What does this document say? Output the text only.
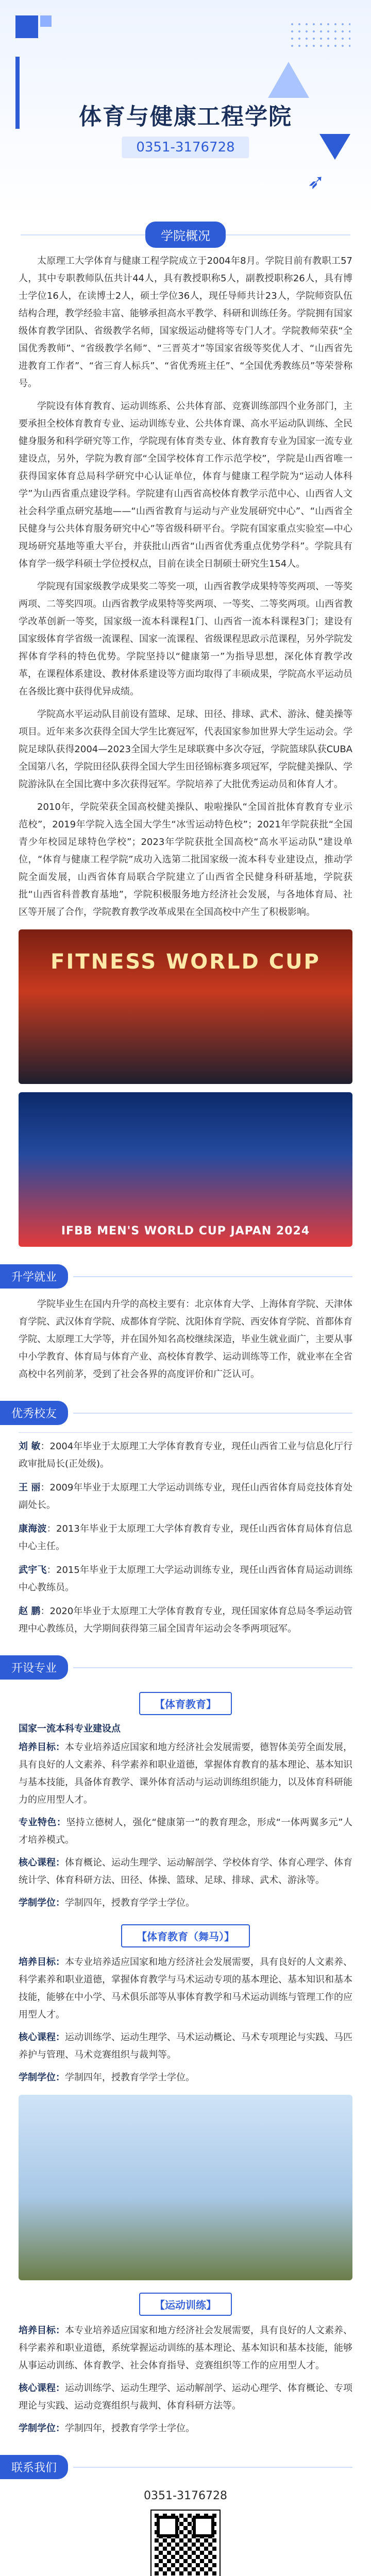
体育与健康工程学院
0351-3176728
➶
学院概况

太原理工大学体育与健康工程学院成立于2004年8月。学院目前有教职工57人，其中专职教师队伍共计44人，具有教授职称5人，副教授职称26人，具有博士学位16人，在读博士2人，硕士学位36人，现任导师共计23人，学院师资队伍结构合理，教学经验丰富、能够承担高水平教学、科研和训练任务。学院拥有国家级体育教学团队、省级教学名师，国家级运动健将等专门人才。学院教师荣获“全国优秀教师”、“省级教学名师”、“三晋英才”等国家省级等奖优人才、“山西省先进教育工作者”、“省三育人标兵”、“省优秀班主任”、“全国优秀教练员”等荣誉称号。

学院设有体育教育、运动训练系、公共体育部、竞赛训练部四个业务部门，主要承担全校体育教育专业、运动训练专业、公共体育课、高水平运动队训练、全民健身服务和科学研究等工作，学院现有体育类专业、体育教育专业为国家一流专业建设点，另外，学院为教育部“全国学校体育工作示范学校”，学院是山西省唯一获得国家体育总局科学研究中心认证单位，体育与健康工程学院为“运动人体科学”为山西省重点建设学科。学院建有山西省高校体育教学示范中心、山西省人文社会科学重点研究基地——“山西省教育与运动与产业发展研究中心”、“山西省全民健身与公共体育服务研究中心”等省级科研平台。学院有国家重点实验室—中心现场研究基地等重大平台，并获批山西省“山西省优秀重点优势学科”。学院具有体育学一级学科硕士学位授权点，目前在读全日制硕士研究生154人。

学院现有国家级教学成果奖二等奖一项，山西省教学成果特等奖两项、一等奖两项、二等奖四项。山西省教学成果特等奖两项、一等奖、二等奖两项。山西省教学改革创新一等奖，国家级一流本科课程1门、山西省一流本科课程3门；建设有国家级体育学省级一流课程、国家一流课程、省级课程思政示范课程，另外学院发挥体育学科的特色优势。学院坚持以“健康第一”为指导思想，深化体育教学改革，在课程体系建设、教材体系建设等方面均取得了丰硕成果，学院高水平运动员在各级比赛中获得优异成绩。

学院高水平运动队目前设有篮球、足球、田径、排球、武术、游泳、健美操等项目。近年来多次获得全国大学生比赛冠军，代表国家参加世界大学生运动会。学院足球队获得2004—2023全国大学生足球联赛中多次夺冠，学院篮球队获CUBA全国第八名，学院田径队获得全国大学生田径锦标赛多项冠军，学院健美操队、学院游泳队在全国比赛中多次获得冠军。学院培养了大批优秀运动员和体育人才。

2010年，学院荣获全国高校健美操队、啦啦操队“全国首批体育教育专业示范校”，2019年学院入选全国大学生“冰雪运动特色校”；2021年学院获批“全国青少年校园足球特色学校”；2023年学院获批全国高校“高水平运动队”建设单位，“体育与健康工程学院”成功入选第二批国家级一流本科专业建设点，推动学院全面发展，山西省体育局联合学院建立了山西省全民健身科研基地，学院获批“山西省科普教育基地”，学院积极服务地方经济社会发展，与各地体育局、社区等开展了合作，学院教育教学改革成果在全国高校中产生了积极影响。

FITNESS WORLD CUP
IFBB MEN'S WORLD CUP JAPAN 2024
升学就业

学院毕业生在国内升学的高校主要有：北京体育大学、上海体育学院、天津体育学院、武汉体育学院、成都体育学院、沈阳体育学院、西安体育学院、首都体育学院、太原理工大学等，并在国外知名高校继续深造，毕业生就业面广，主要从事中小学教育、体育局与体育产业、高校体育教学、运动训练等工作，就业率在全省高校中名列前茅，受到了社会各界的高度评价和广泛认可。

优秀校友

刘 敏：2004年毕业于太原理工大学体育教育专业，现任山西省工业与信息化厅行政审批局长(正处级)。

王 丽：2009年毕业于太原理工大学运动训练专业，现任山西省体育局竞技体育处副处长。

康海波：2013年毕业于太原理工大学体育教育专业，现任山西省体育局体育信息中心主任。

武宇飞：2015年毕业于太原理工大学运动训练专业，现任山西省体育局运动训练中心教练员。

赵 鹏：2020年毕业于太原理工大学体育教育专业，现任国家体育总局冬季运动管理中心教练员，大学期间获得第三届全国青年运动会冬季两项冠军。

开设专业
【体育教育】
国家一流本科专业建设点

培养目标：本专业培养适应国家和地方经济社会发展需要，德智体美劳全面发展，具有良好的人文素养、科学素养和职业道德，掌握体育教育的基本理论、基本知识与基本技能，具备体育教学、课外体育活动与运动训练组织能力，以及体育科研能力的应用型人才。

专业特色：坚持立德树人，强化“健康第一”的教育理念，形成“一体两翼多元”人才培养模式。

核心课程：体育概论、运动生理学、运动解剖学、学校体育学、体育心理学、体育统计学、体育科研方法、田径、体操、篮球、足球、排球、武术、游泳等。

学制学位：学制四年，授教育学学士学位。

【体育教育（舞马）】

培养目标：本专业培养适应国家和地方经济社会发展需要，具有良好的人文素养、科学素养和职业道德，掌握体育教学与马术运动专项的基本理论、基本知识和基本技能，能够在中小学、马术俱乐部等从事体育教学和马术运动训练与管理工作的应用型人才。

核心课程：运动训练学、运动生理学、马术运动概论、马术专项理论与实践、马匹养护与管理、马术竞赛组织与裁判等。

学制学位：学制四年，授教育学学士学位。

【运动训练】

培养目标：本专业培养适应国家和地方经济社会发展需要，具有良好的人文素养、科学素养和职业道德，系统掌握运动训练的基本理论、基本知识和基本技能，能够从事运动训练、体育教学、社会体育指导、竞赛组织等工作的应用型人才。

核心课程：运动训练学、运动生理学、运动解剖学、运动心理学、体育概论、专项理论与实践、运动竞赛组织与裁判、体育科研方法等。

学制学位：学制四年，授教育学学士学位。

联系我们
0351-3176728
